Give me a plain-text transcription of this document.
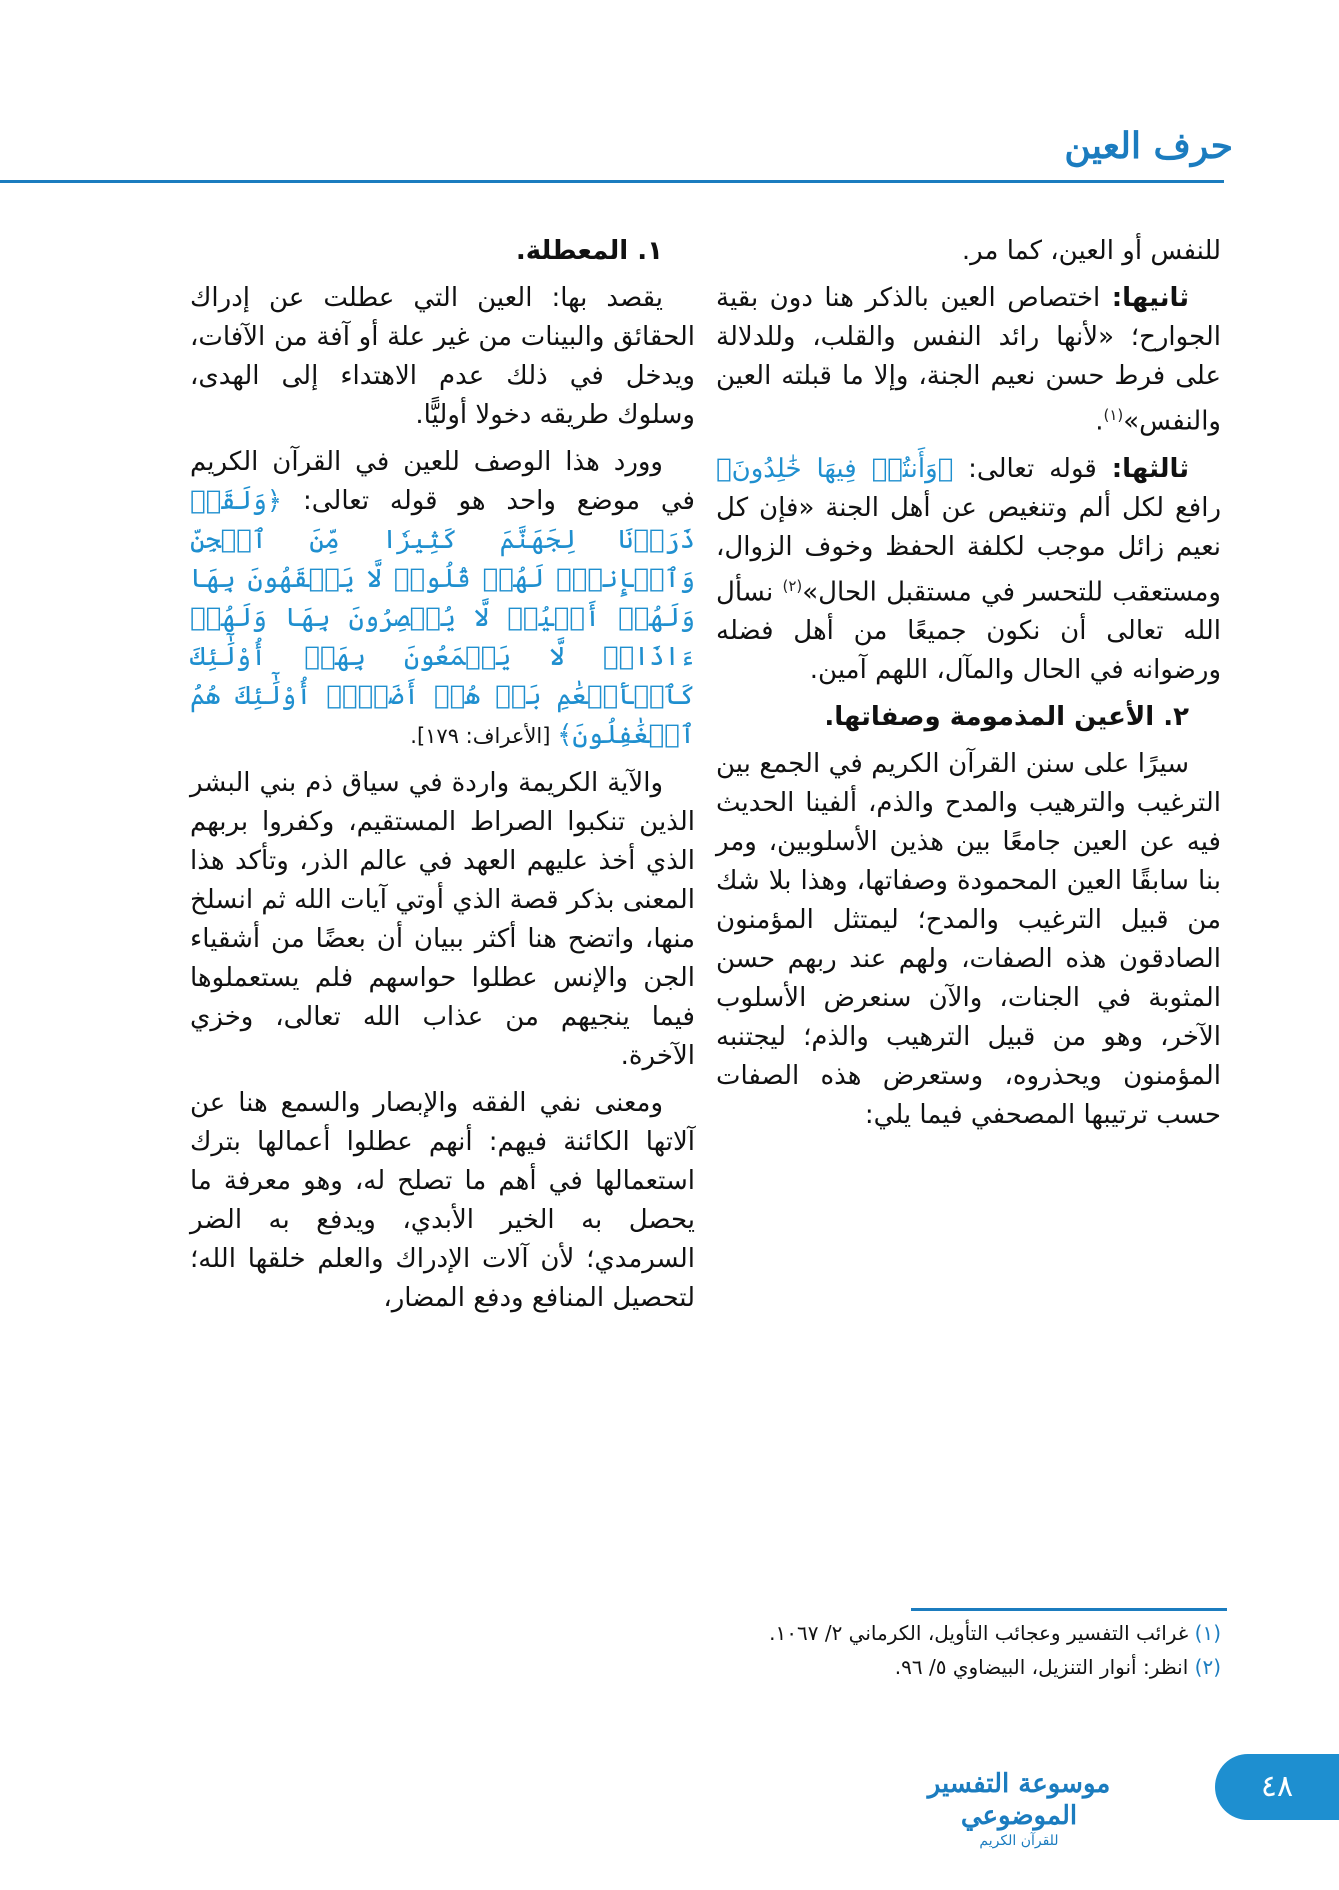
حرف العين

للنفس أو العين، كما مر.

ثانيها: اختصاص العين بالذكر هنا دون بقية الجوارح؛ «لأنها رائد النفس والقلب، وللدلالة على فرط حسن نعيم الجنة، وإلا ما قبلته العين والنفس»$^{(١)}$.

ثالثها: قوله تعالى: ﴿وَأَنتُمۡ فِيهَا خَٰلِدُونَ﴾ رافع لكل ألم وتنغيص عن أهل الجنة «فإن كل نعيم زائل موجب لكلفة الحفظ وخوف الزوال، ومستعقب للتحسر في مستقبل الحال»$^{(٢)}$ نسأل الله تعالى أن نكون جميعًا من أهل فضله ورضوانه في الحال والمآل، اللهم آمين.

٢. الأعين المذمومة وصفاتها.

سيرًا على سنن القرآن الكريم في الجمع بين الترغيب والترهيب والمدح والذم، ألفينا الحديث فيه عن العين جامعًا بين هذين الأسلوبين، ومر بنا سابقًا العين المحمودة وصفاتها، وهذا بلا شك من قبيل الترغيب والمدح؛ ليمتثل المؤمنون الصادقون هذه الصفات، ولهم عند ربهم حسن المثوبة في الجنات، والآن سنعرض الأسلوب الآخر، وهو من قبيل الترهيب والذم؛ ليجتنبه المؤمنون ويحذروه، وستعرض هذه الصفات حسب ترتيبها المصحفي فيما يلي:

١. المعطلة.

يقصد بها: العين التي عطلت عن إدراك الحقائق والبينات من غير علة أو آفة من الآفات، ويدخل في ذلك عدم الاهتداء إلى الهدى، وسلوك طريقه دخولا أوليًّا.

وورد هذا الوصف للعين في القرآن الكريم في موضع واحد هو قوله تعالى: ﴿وَلَقَدۡ ذَرَأۡنَا لِجَهَنَّمَ كَثِيرٗا مِّنَ ٱلۡجِنِّ وَٱلۡإِنسِۖ لَهُمۡ قُلُوبٞ لَّا يَفۡقَهُونَ بِهَا وَلَهُمۡ أَعۡيُنٞ لَّا يُبۡصِرُونَ بِهَا وَلَهُمۡ ءَاذَانٞ لَّا يَسۡمَعُونَ بِهَآۚ أُوْلَٰٓئِكَ كَٱلۡأَنۡعَٰمِ بَلۡ هُمۡ أَضَلُّۚ أُوْلَٰٓئِكَ هُمُ ٱلۡغَٰفِلُونَ﴾ [الأعراف: ١٧٩].

والآية الكريمة واردة في سياق ذم بني البشر الذين تنكبوا الصراط المستقيم، وكفروا بربهم الذي أخذ عليهم العهد في عالم الذر، وتأكد هذا المعنى بذكر قصة الذي أوتي آيات الله ثم انسلخ منها، واتضح هنا أكثر ببيان أن بعضًا من أشقياء الجن والإنس عطلوا حواسهم فلم يستعملوها فيما ينجيهم من عذاب الله تعالى، وخزي الآخرة.

ومعنى نفي الفقه والإبصار والسمع هنا عن آلاتها الكائنة فيهم: أنهم عطلوا أعمالها بترك استعمالها في أهم ما تصلح له، وهو معرفة ما يحصل به الخير الأبدي، ويدفع به الضر السرمدي؛ لأن آلات الإدراك والعلم خلقها الله؛ لتحصيل المنافع ودفع المضار،

(١) غرائب التفسير وعجائب التأويل، الكرماني ٢/ ١٠٦٧.

(٢) انظر: أنوار التنزيل، البيضاوي ٥/ ٩٦.

موسوعة التفسير الموضوعي
للقرآن الكريم
٤٨
